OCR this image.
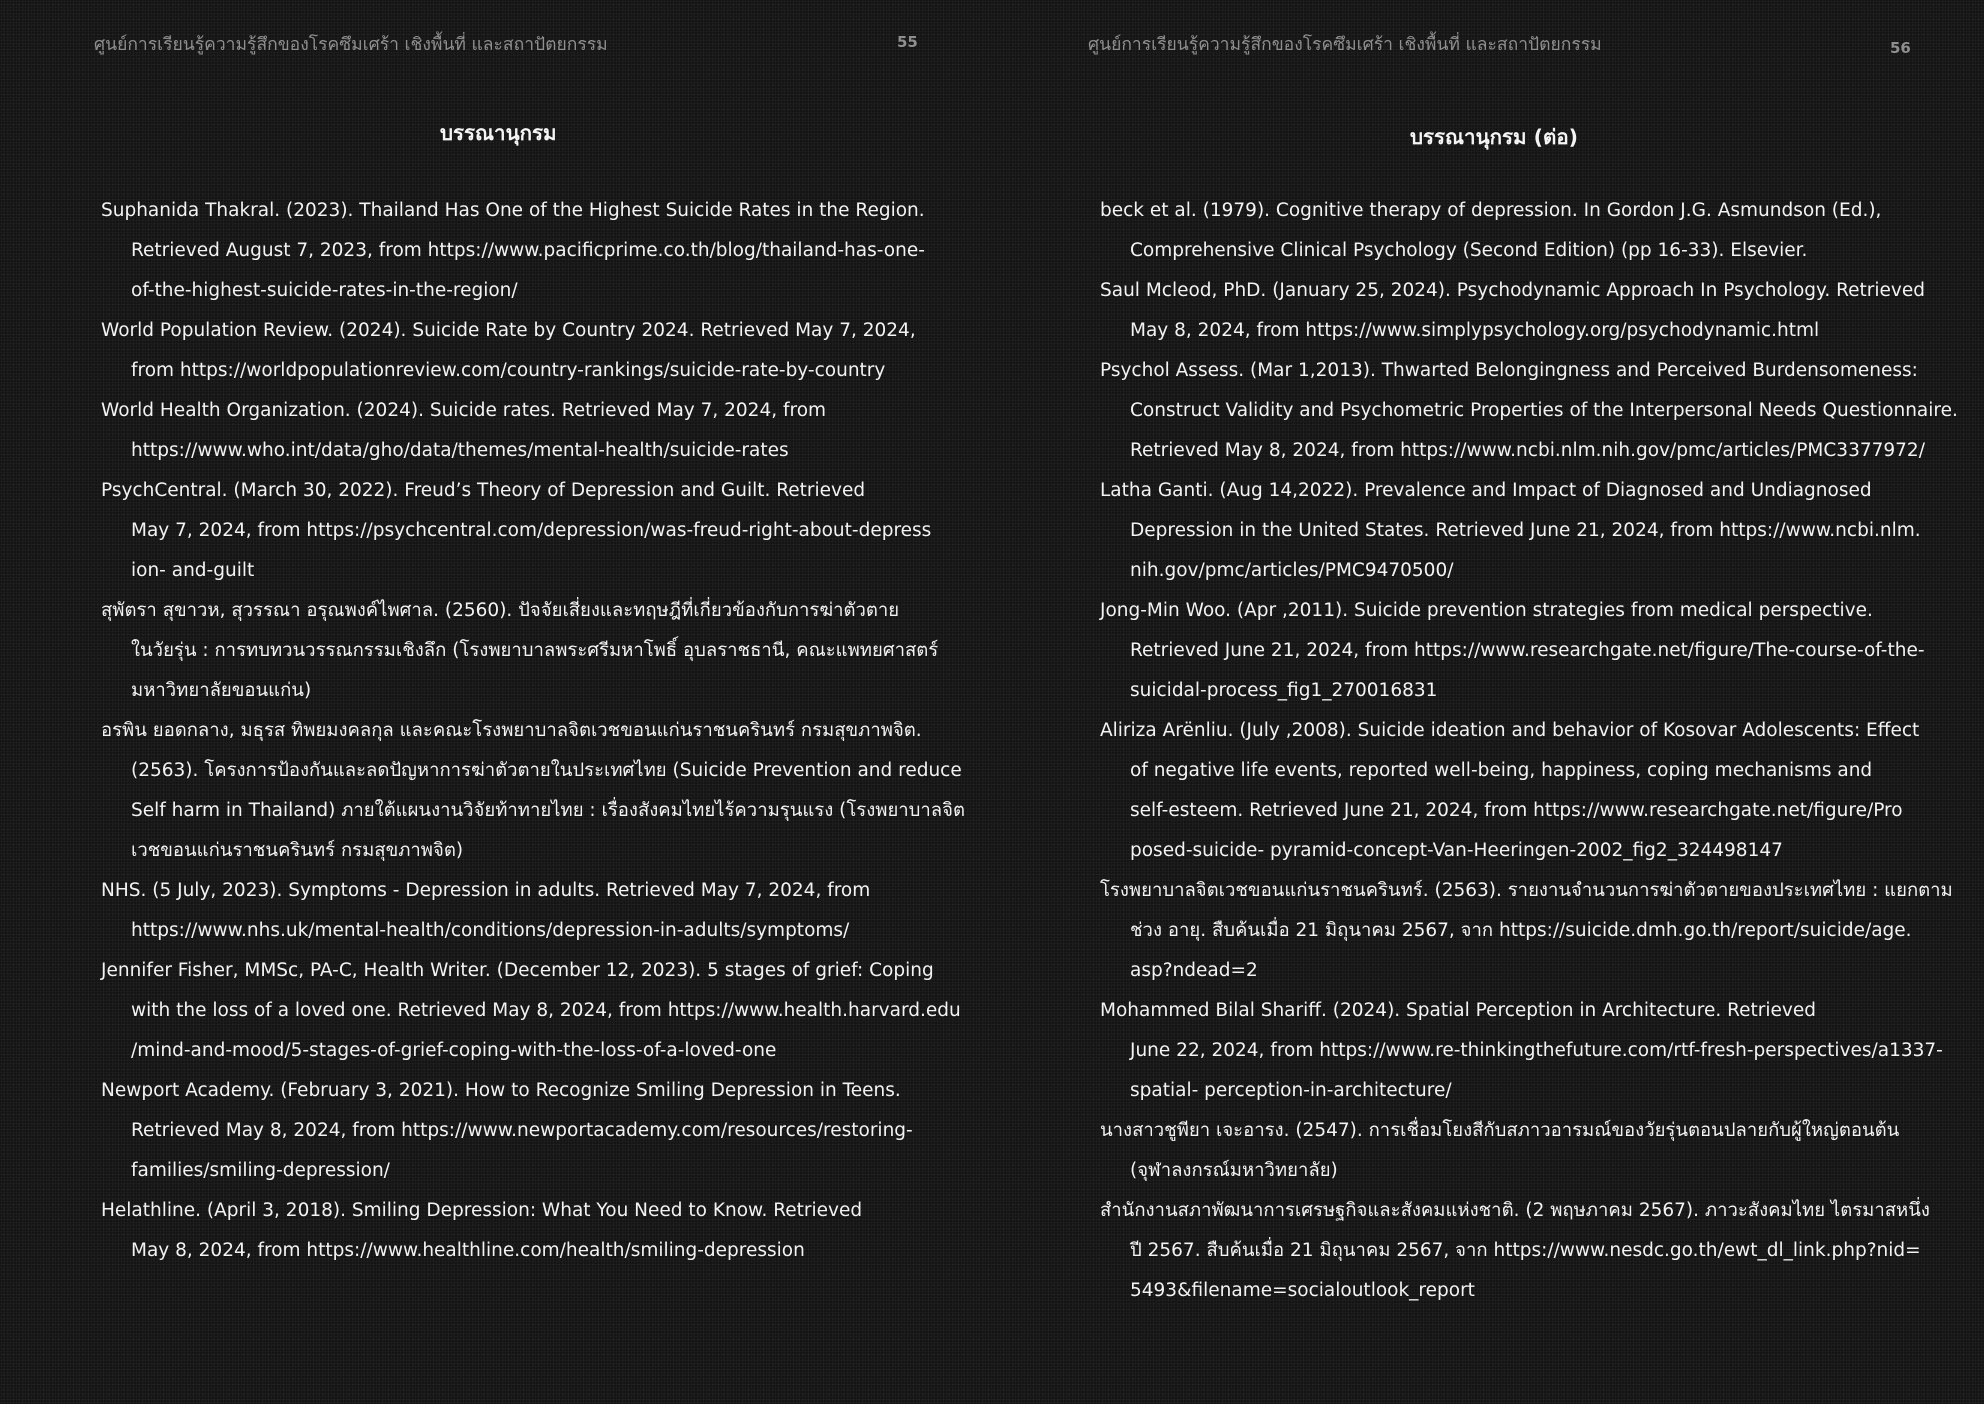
ศูนย์การเรียนรู้ความรู้สึกของโรคซึมเศร้า เชิงพื้นที่ และสถาปัตยกรรม	55
บรรณานุกรม
Suphanida Thakral. (2023). Thailand Has One of the Highest Suicide Rates in the Region.
Retrieved August 7, 2023, from https://www.pacificprime.co.th/blog/thailand-has-one-
of-the-highest-suicide-rates-in-the-region/
World Population Review. (2024). Suicide Rate by Country 2024. Retrieved May 7, 2024,
from https://worldpopulationreview.com/country-rankings/suicide-rate-by-country
World Health Organization. (2024). Suicide rates. Retrieved May 7, 2024, from
https://www.who.int/data/gho/data/themes/mental-health/suicide-rates
PsychCentral. (March 30, 2022). Freud’s Theory of Depression and Guilt. Retrieved
May 7, 2024, from https://psychcentral.com/depression/was-freud-right-about-depress
ion- and-guilt
สุพัตรา สุขาวห, สุวรรณา อรุณพงค์ไพศาล. (2560). ปัจจัยเสี่ยงและทฤษฎีที่เกี่ยวข้องกับการฆ่าตัวตาย
ในวัยรุ่น : การทบทวนวรรณกรรมเชิงลึก (โรงพยาบาลพระศรีมหาโพธิ์ อุบลราชธานี, คณะแพทยศาสตร์
มหาวิทยาลัยขอนแก่น)
อรพิน ยอดกลาง, มธุรส ทิพยมงคลกุล และคณะโรงพยาบาลจิตเวชขอนแก่นราชนครินทร์ กรมสุขภาพจิต.
(2563). โครงการป้องกันและลดปัญหาการฆ่าตัวตายในประเทศไทย (Suicide Prevention and reduce
Self harm in Thailand) ภายใต้แผนงานวิจัยท้าทายไทย : เรื่องสังคมไทยไร้ความรุนแรง (โรงพยาบาลจิต
เวชขอนแก่นราชนครินทร์ กรมสุขภาพจิต)
NHS. (5 July, 2023). Symptoms - Depression in adults. Retrieved May 7, 2024, from
https://www.nhs.uk/mental-health/conditions/depression-in-adults/symptoms/
Jennifer Fisher, MMSc, PA-C, Health Writer. (December 12, 2023). 5 stages of grief: Coping
with the loss of a loved one. Retrieved May 8, 2024, from https://www.health.harvard.edu
/mind-and-mood/5-stages-of-grief-coping-with-the-loss-of-a-loved-one
Newport Academy. (February 3, 2021). How to Recognize Smiling Depression in Teens.
Retrieved May 8, 2024, from https://www.newportacademy.com/resources/restoring-
families/smiling-depression/
Helathline. (April 3, 2018). Smiling Depression: What You Need to Know. Retrieved
May 8, 2024, from https://www.healthline.com/health/smiling-depression
ศูนย์การเรียนรู้ความรู้สึกของโรคซึมเศร้า เชิงพื้นที่ และสถาปัตยกรรม	56
บรรณานุกรม (ต่อ)
beck et al. (1979). Cognitive therapy of depression. In Gordon J.G. Asmundson (Ed.),
Comprehensive Clinical Psychology (Second Edition) (pp 16-33). Elsevier.
Saul Mcleod, PhD. (January 25, 2024). Psychodynamic Approach In Psychology. Retrieved
May 8, 2024, from https://www.simplypsychology.org/psychodynamic.html
Psychol Assess. (Mar 1,2013). Thwarted Belongingness and Perceived Burdensomeness:
Construct Validity and Psychometric Properties of the Interpersonal Needs Questionnaire.
Retrieved May 8, 2024, from https://www.ncbi.nlm.nih.gov/pmc/articles/PMC3377972/
Latha Ganti. (Aug 14,2022). Prevalence and Impact of Diagnosed and Undiagnosed
Depression in the United States. Retrieved June 21, 2024, from https://www.ncbi.nlm.
nih.gov/pmc/articles/PMC9470500/
Jong-Min Woo. (Apr ,2011). Suicide prevention strategies from medical perspective.
Retrieved June 21, 2024, from https://www.researchgate.net/figure/The-course-of-the-
suicidal-process_fig1_270016831
Aliriza Arënliu. (July ,2008). Suicide ideation and behavior of Kosovar Adolescents: Effect
of negative life events, reported well-being, happiness, coping mechanisms and
self-esteem. Retrieved June 21, 2024, from https://www.researchgate.net/figure/Pro
posed-suicide- pyramid-concept-Van-Heeringen-2002_fig2_324498147
โรงพยาบาลจิตเวชขอนแก่นราชนครินทร์. (2563). รายงานจำนวนการฆ่าตัวตายของประเทศไทย : แยกตาม
ช่วง อายุ. สืบค้นเมื่อ 21 มิถุนาคม 2567, จาก https://suicide.dmh.go.th/report/suicide/age.
asp?ndead=2
Mohammed Bilal Shariff. (2024). Spatial Perception in Architecture. Retrieved
June 22, 2024, from https://www.re-thinkingthefuture.com/rtf-fresh-perspectives/a1337-
spatial- perception-in-architecture/
นางสาวชูพียา เจะอารง. (2547). การเชื่อมโยงสีกับสภาวอารมณ์ของวัยรุ่นตอนปลายกับผู้ใหญ่ตอนต้น
(จุฬาลงกรณ์มหาวิทยาลัย)
สำนักงานสภาพัฒนาการเศรษฐกิจและสังคมแห่งชาติ. (2 พฤษภาคม 2567). ภาวะสังคมไทย ไตรมาสหนึ่ง
ปี 2567. สืบค้นเมื่อ 21 มิถุนาคม 2567, จาก https://www.nesdc.go.th/ewt_dl_link.php?nid=
5493&filename=socialoutlook_report
